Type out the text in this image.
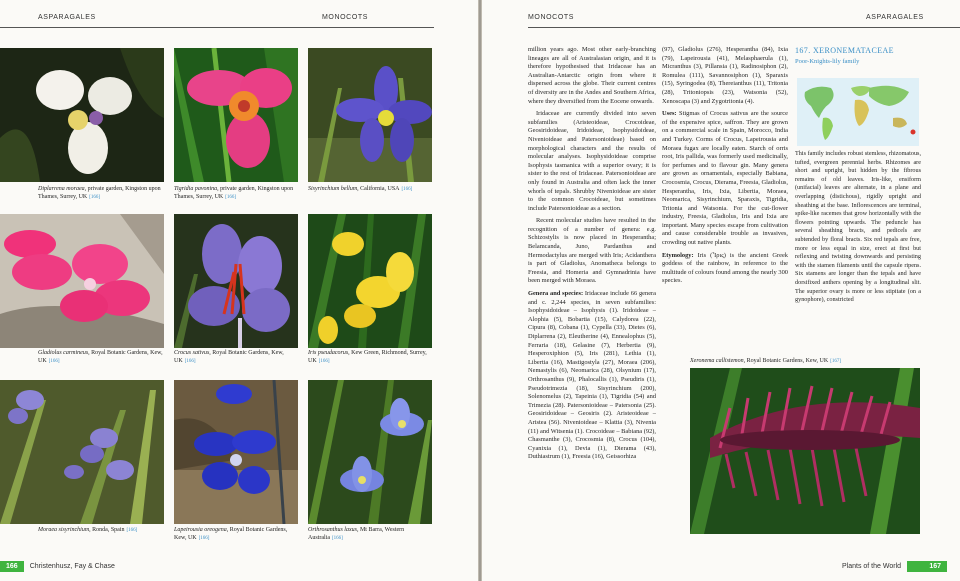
ASPARAGALES	MONOCOTS
Diplarrena moraea, private garden, Kingston upon Thames, Surrey, UK [166]
Tigridia pavonina, private garden, Kingston upon Thames, Surrey, UK [166]
Sisyrinchium bellum, California, USA [166]
Gladiolus carmineus, Royal Botanic Gardens, Kew, UK [166]
Crocus sativus, Royal Botanic Gardens, Kew, UK [166]
Iris pseudacorus, Kew Green, Richmond, Surrey, UK [166]
Moraea sisyrinchium, Ronda, Spain [166]	Lapeirousia oreogena, Royal Botanic Gardens, Kew, UK [166]
Orthrosanthus laxus, Mt Barra, Western Australia [166]
166	Christenhusz, Fay & Chase
MONOCOTS	ASPARAGALES

million years ago. Most other early-branching lineages are all of Australasian origin, and it is therefore hypothesised that Iridaceae has an Australian-Antarctic origin from where it dispersed across the globe. Their current centres of diversity are in the Andes and Southern Africa, where they diversified from the Eocene onwards.

Iridaceae are currently divided into seven subfamilies (Aristeoideae, Crocoideae, Geosiridoideae, Iridoideae, Isophysidoideae, Nivenioideae and Patersonioideae) based on morphological characters and the results of molecular analyses. Isophysidoideae comprise Isophysis tasmanica with a superior ovary; it is sister to the rest of Iridaceae. Patersonioideae are only found in Australia and often lack the inner whorls of tepals. Shrubby Nivenioideae are sister to the common Crocoideae, but sometimes include Patersonioideae as a section.

Recent molecular studies have resulted in the recognition of a number of genera: e.g. Schizostylis is now placed in Hesperantha; Belamcanda, Juno, Pardanthus and Hermodactylus are merged with Iris; Acidanthera is part of Gladiolus, Anomatheca belongs to Freesia, and Homeria and Gymnadrinia have been merged with Moraea.

Genera and species: Iridaceae include 66 genera and c. 2,244 species, in seven subfamilies: Isophysidoideae – Isophysis (1). Iridoideae – Alophia (5), Bobartia (15), Calydorea (22), Cipura (8), Cobana (1), Cypella (33), Dietes (6), Diplarrena (2), Eleutherine (4), Ennealophus (5), Ferraria (18), Gelasine (7), Herbertia (9), Hesperoxiphion (5), Iris (281), Lethia (1), Libertia (16), Mastigostyla (27), Moraea (206), Nemastylis (6), Neomarica (28), Olsynium (17), Orthrosanthus (9), Phalocallis (1), Pseudiris (1), Pseudotrimezia (18), Sisyrinchium (200), Solenomelus (2), Tapeinia (1), Tigridia (54) and Trimezia (28). Patersonioideae – Patersonia (25). Geosiridoideae – Geosiris (2). Aristeoideae – Aristea (56). Nivenioideae – Klattia (3), Nivenia (11) and Witsenia (1). Crocoideae – Babiana (92), Chasmanthe (3), Crocosmia (8), Crocus (104), Cyanixia (1), Devia (1), Dierama (43), Duthiastrum (1), Freesia (16), Geissorhiza

(97), Gladiolus (276), Hesperantha (84), Ixia (79), Lapeirousia (41), Melasphaerula (1), Micranthus (3), Pillansia (1), Radinosiphon (2), Romulea (111), Savannosiphon (1), Sparaxis (15), Syringodea (8), Thereianthus (11), Tritonia (28), Tritoniopsis (23), Watsonia (52), Xenoscapa (3) and Zygotritonia (4).

Uses: Stigmas of Crocus sativus are the source of the expensive spice, saffron. They are grown on a commercial scale in Spain, Morocco, India and Turkey. Corms of Crocus, Lapeirousia and Moraea fugax are locally eaten. Starch of orris root, Iris pallida, was formerly used medicinally, for perfumes and to flavour gin. Many genera are grown as ornamentals, especially Babiana, Crocosmia, Crocus, Dierama, Freesia, Gladiolus, Hesperantha, Iris, Ixia, Libertia, Moraea, Neomarica, Sisyrinchium, Sparaxis, Tigridia, Tritonia and Watsonia. For the cut-flower industry, Freesia, Gladiolus, Iris and Ixia are important. Many species escape from cultivation and cause considerable trouble as invasives, crowding out native plants.

Etymology: Iris (Ἶρις) is the ancient Greek goddess of the rainbow, in reference to the multitude of colours found among the nearly 300 species.

167. XERONEMATACEAE
Poor-Knights-lily family

This family includes robust stemless, rhizomatous, tufted, evergreen perennial herbs. Rhizomes are short and upright, but hidden by the fibrous remains of old leaves. Iris-like, ensiform (unifacial) leaves are alternate, in a plane and overlapping (distichous), rigidly upright and sheathing at the base. Inflorescences are terminal, spike-like racemes that grow horizontally with the flowers pointing upwards. The peduncle has several sheathing bracts, and pedicels are subtended by floral bracts. Six red tepals are free, more or less equal in size, erect at first but reflexing and twisting downwards and persisting with the stamen filaments until the capsule ripens. Six stamens are longer than the tepals and have dorsifixed anthers opening by a longitudinal slit. The superior ovary is more or less stipitate (on a gynophore), constricted

Xeronema callistemon, Royal Botanic Gardens, Kew, UK [167]
Plants of the World	167
